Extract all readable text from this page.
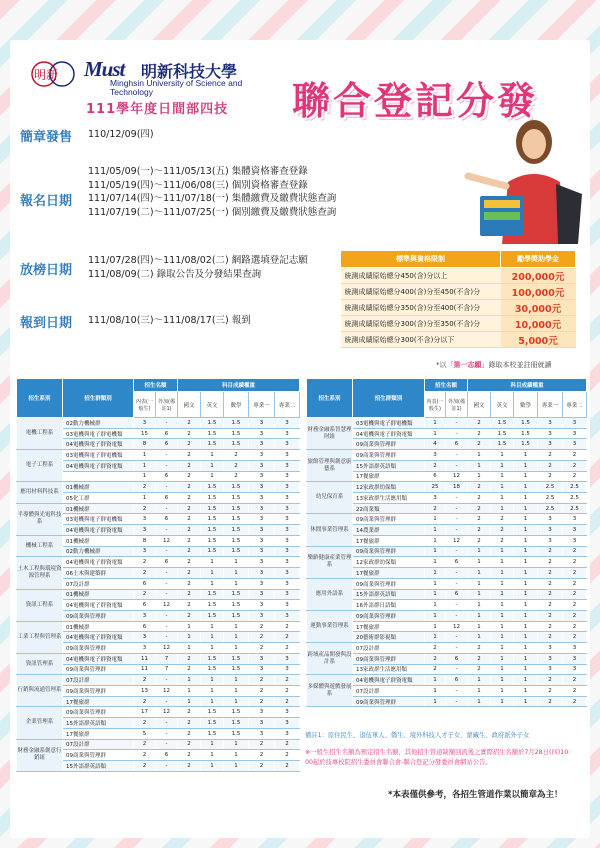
明新 Must 明新科技大學
Minghsin University of Science and Technology
111學年度日間部四技 聯合登記分發
簡章發售 110/12/09(四)
報名日期
111/05/09(一)～111/05/13(五) 集體資格審查登錄
111/05/19(四)～111/06/08(三) 個別資格審查登錄
111/07/14(四)～111/07/18(一) 集體繳費及繳費狀態查詢
111/07/19(二)～111/07/25(一) 個別繳費及繳費狀態查詢
放榜日期
111/07/28(四)～111/08/02(二) 網路選填登記志願
111/08/09(二) 錄取公告及分發結果查詢
報到日期 111/08/10(三)～111/08/17(三) 報到
標準與資格限制	勵學獎助學金
統測成績原始總分450(含)分以上	200,000元
統測成績原始總分400(含)分至450(不含)分	100,000元
統測成績原始總分350(含)分至400(不含)分	30,000元
統測成績原始總分300(含)分至350(不含)分	10,000元
統測成績原始總分300(不含)分以下	5,000元
*以「第一志願」錄取本校並註冊就讀
招生系別	招生群類別	招生名額		科目成績權重				
		內表(一般生)	外加(備註1)	國文	英文	數學	專業一	專業二
電機工程系	02動力機械群	3	-	2	1.5	1.5	3	3
	03電機與電子群電機類	15	6	2	1.5	1.5	3	3
	04電機與電子群資電類	8	6	2	1.5	1.5	3	3
電子工程系	03電機與電子群電機類	1	-	2	1	2	3	3
	04電機與電子群資電類	1	-	2	1	2	3	3
		1	6	2	1	2	3	3
應用材料科技系	01機械群	2	-	2	1.5	1.5	3	3
	05化工群	1	6	2	1.5	1.5	3	3
半導體與光電科技系	01機械群	2	-	2	1.5	1.5	3	3
	03電機與電子群電機類	3	6	2	1.5	1.5	3	3
	04電機與電子群資電類	3	-	2	1.5	1.5	3	3
機械工程系	01機械群	8	12	2	1.5	1.5	3	3
	02動力機械群	3	-	2	1.5	1.5	3	3
土木工程與環境資源管理系	04電機與電子群資電類	2	6	2	1	1	3	3
	06土木與建築群	2	-	2	1	1	3	3
	07設計群	6	-	2	1	1	3	3
資訊工程系	01機械群	2	-	2	1.5	1.5	3	3
	04電機與電子群資電類	6	12	2	1.5	1.5	3	3
	09商業與管理群	3	-	2	1.5	1.5	3	3
工業工程與管理系	01機械群	6	-	1	1	1	2	2
	04電機與電子群資電類	3	-	1	1	1	2	2
	09商業與管理群	3	12	1	1	1	2	2
資訊管理系	04電機與電子群資電類	11	7	2	1.5	1.5	3	3
	09商業與管理群	11	7	2	1.5	1.5	3	3
行銷與流通管理系	07設計群	2	-	1	1	1	2	2
	09商業與管理群	13	12	1	1	1	2	2
	17餐旅群	2	-	1	1	1	2	2
企業管理系	09商業與管理群	17	12	2	1.5	1.5	3	3
	15外語群英語類	2	-	2	1.5	1.5	3	3
	17餐旅群	5	-	2	1.5	1.5	3	3
財務金融系創意行銷組	07設計群	2	-	2	1	1	2	2
	09商業與管理群	2	6	2	1	1	2	2
	15外語群英語類	2	-	2	1	1	2	2
招生系別	招生群類別	招生名額		科目成績權重				
		內表(一般生)	外加(備註1)	國文	英文	數學	專業一	專業二
財務金融系智慧理財組	03電機與電子群電機類	1	-	2	1.5	1.5	3	3
	04電機與電子群資電類	1	-	2	1.5	1.5	3	3
	09商業與管理群	4	6	2	1.5	1.5	3	3
旅館管理與創意廚藝系	09商業與管理群	3	-	1	1	1	2	2
	15外語群英語類	2	-	1	1	1	2	2
	17餐旅群	6	12	1	1	1	2	2
幼兒保育系	12家政群幼保類	25	18	2	1	1	2.5	2.5
	13家政群生活應用類	3	-	2	1	1	2.5	2.5
	22商業類	2	-	2	1	1	2.5	2.5
休閒事業管理系	09商業與管理群	1	-	2	2	1	3	3
	14農業群	1	-	2	2	1	3	3
	17餐旅群	1	12	2	2	1	3	3
樂齡健康產業管理系	09商業與管理群	1	-	1	1	1	2	2
	12家政群幼保類	1	6	1	1	1	2	2
	17餐旅群	1	-	1	1	1	2	2
應用外語系	09商業與管理群	1	-	1	1	1	2	2
	15外語群英語類	1	6	1	1	1	2	2
	16外語群日語類	1	-	1	1	1	2	2
運動事業管理系	09商業與管理群	1	-	1	1	1	2	2
	17餐旅群	1	12	1	1	1	2	2
	20藝術群影視類	1	-	1	1	1	2	2
跨域產品開發與設計系	07設計群	2	-	2	1	1	3	3
	09商業與管理群	2	6	2	1	1	3	3
	13家政群生活應用類	2	-	2	1	1	3	3
多媒體與遊戲發展系	04電機與電子群資電類	1	6	1	1	1	2	2
	07設計群	1	-	1	1	1	2	2
	09商業與管理群	1	-	1	1	1	2	2
備註1：原住民生、退伍軍人、僑生、境外科技人才子女、蒙藏生、政府派外子女
※一般生招生名額為預定招生名額，其他招生管道缺額回流後之實際招生名額於7月28日(四)10：00起於技專校院招生委員會聯合會-聯合登記分發委員會網站公告。
*本表僅供參考，各招生管道作業以簡章為主！
